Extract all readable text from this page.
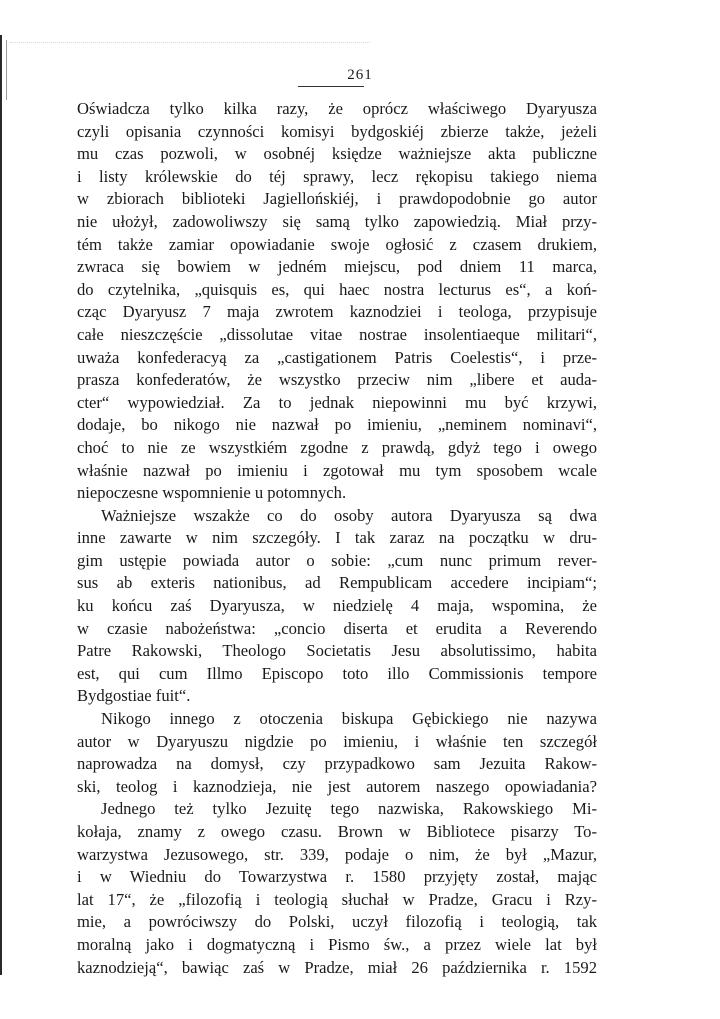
261
Oświadcza tylko kilka razy, że oprócz właściwego Dyaryusza
czyli opisania czynności komisyi bydgoskiéj zbierze także, jeżeli
mu czas pozwoli, w osobnéj księdze ważniejsze akta publiczne
i listy królewskie do téj sprawy, lecz rękopisu takiego niema
w zbiorach biblioteki Jagiellońskiéj, i prawdopodobnie go autor
nie ułożył, zadowoliwszy się samą tylko zapowiedzią. Miał przy-
tém także zamiar opowiadanie swoje ogłosić z czasem drukiem,
zwraca się bowiem w jedném miejscu, pod dniem 11 marca,
do czytelnika, „quisquis es, qui haec nostra lecturus es“, a koń-
cząc Dyaryusz 7 maja zwrotem kaznodziei i teologa, przypisuje
całe nieszczęście „dissolutae vitae nostrae insolentiaeque militari“,
uważa konfederacyą za „castigationem Patris Coelestis“, i prze-
prasza konfederatów, że wszystko przeciw nim „libere et auda-
cter“ wypowiedział. Za to jednak niepowinni mu być krzywi,
dodaje, bo nikogo nie nazwał po imieniu, „neminem nominavi“,
choć to nie ze wszystkiém zgodne z prawdą, gdyż tego i owego
właśnie nazwał po imieniu i zgotował mu tym sposobem wcale
niepoczesne wspomnienie u potomnych.
Ważniejsze wszakże co do osoby autora Dyaryusza są dwa
inne zawarte w nim szczegóły. I tak zaraz na początku w dru-
gim ustępie powiada autor o sobie: „cum nunc primum rever-
sus ab exteris nationibus, ad Rempublicam accedere incipiam“;
ku końcu zaś Dyaryusza, w niedzielę 4 maja, wspomina, że
w czasie nabożeństwa: „concio diserta et erudita a Reverendo
Patre Rakowski, Theologo Societatis Jesu absolutissimo, habita
est, qui cum Illmo Episcopo toto illo Commissionis tempore
Bydgostiae fuit“.
Nikogo innego z otoczenia biskupa Gębickiego nie nazywa
autor w Dyaryuszu nigdzie po imieniu, i właśnie ten szczegół
naprowadza na domysł, czy przypadkowo sam Jezuita Rakow-
ski, teolog i kaznodzieja, nie jest autorem naszego opowiadania?
Jednego też tylko Jezuitę tego nazwiska, Rakowskiego Mi-
kołaja, znamy z owego czasu. Brown w Bibliotece pisarzy To-
warzystwa Jezusowego, str. 339, podaje o nim, że był „Mazur,
i w Wiedniu do Towarzystwa r. 1580 przyjęty został, mając
lat 17“, że „filozofią i teologią słuchał w Pradze, Gracu i Rzy-
mie, a powróciwszy do Polski, uczył filozofią i teologią, tak
moralną jako i dogmatyczną i Pismo św., a przez wiele lat był
kaznodzieją“, bawiąc zaś w Pradze, miał 26 października r. 1592
